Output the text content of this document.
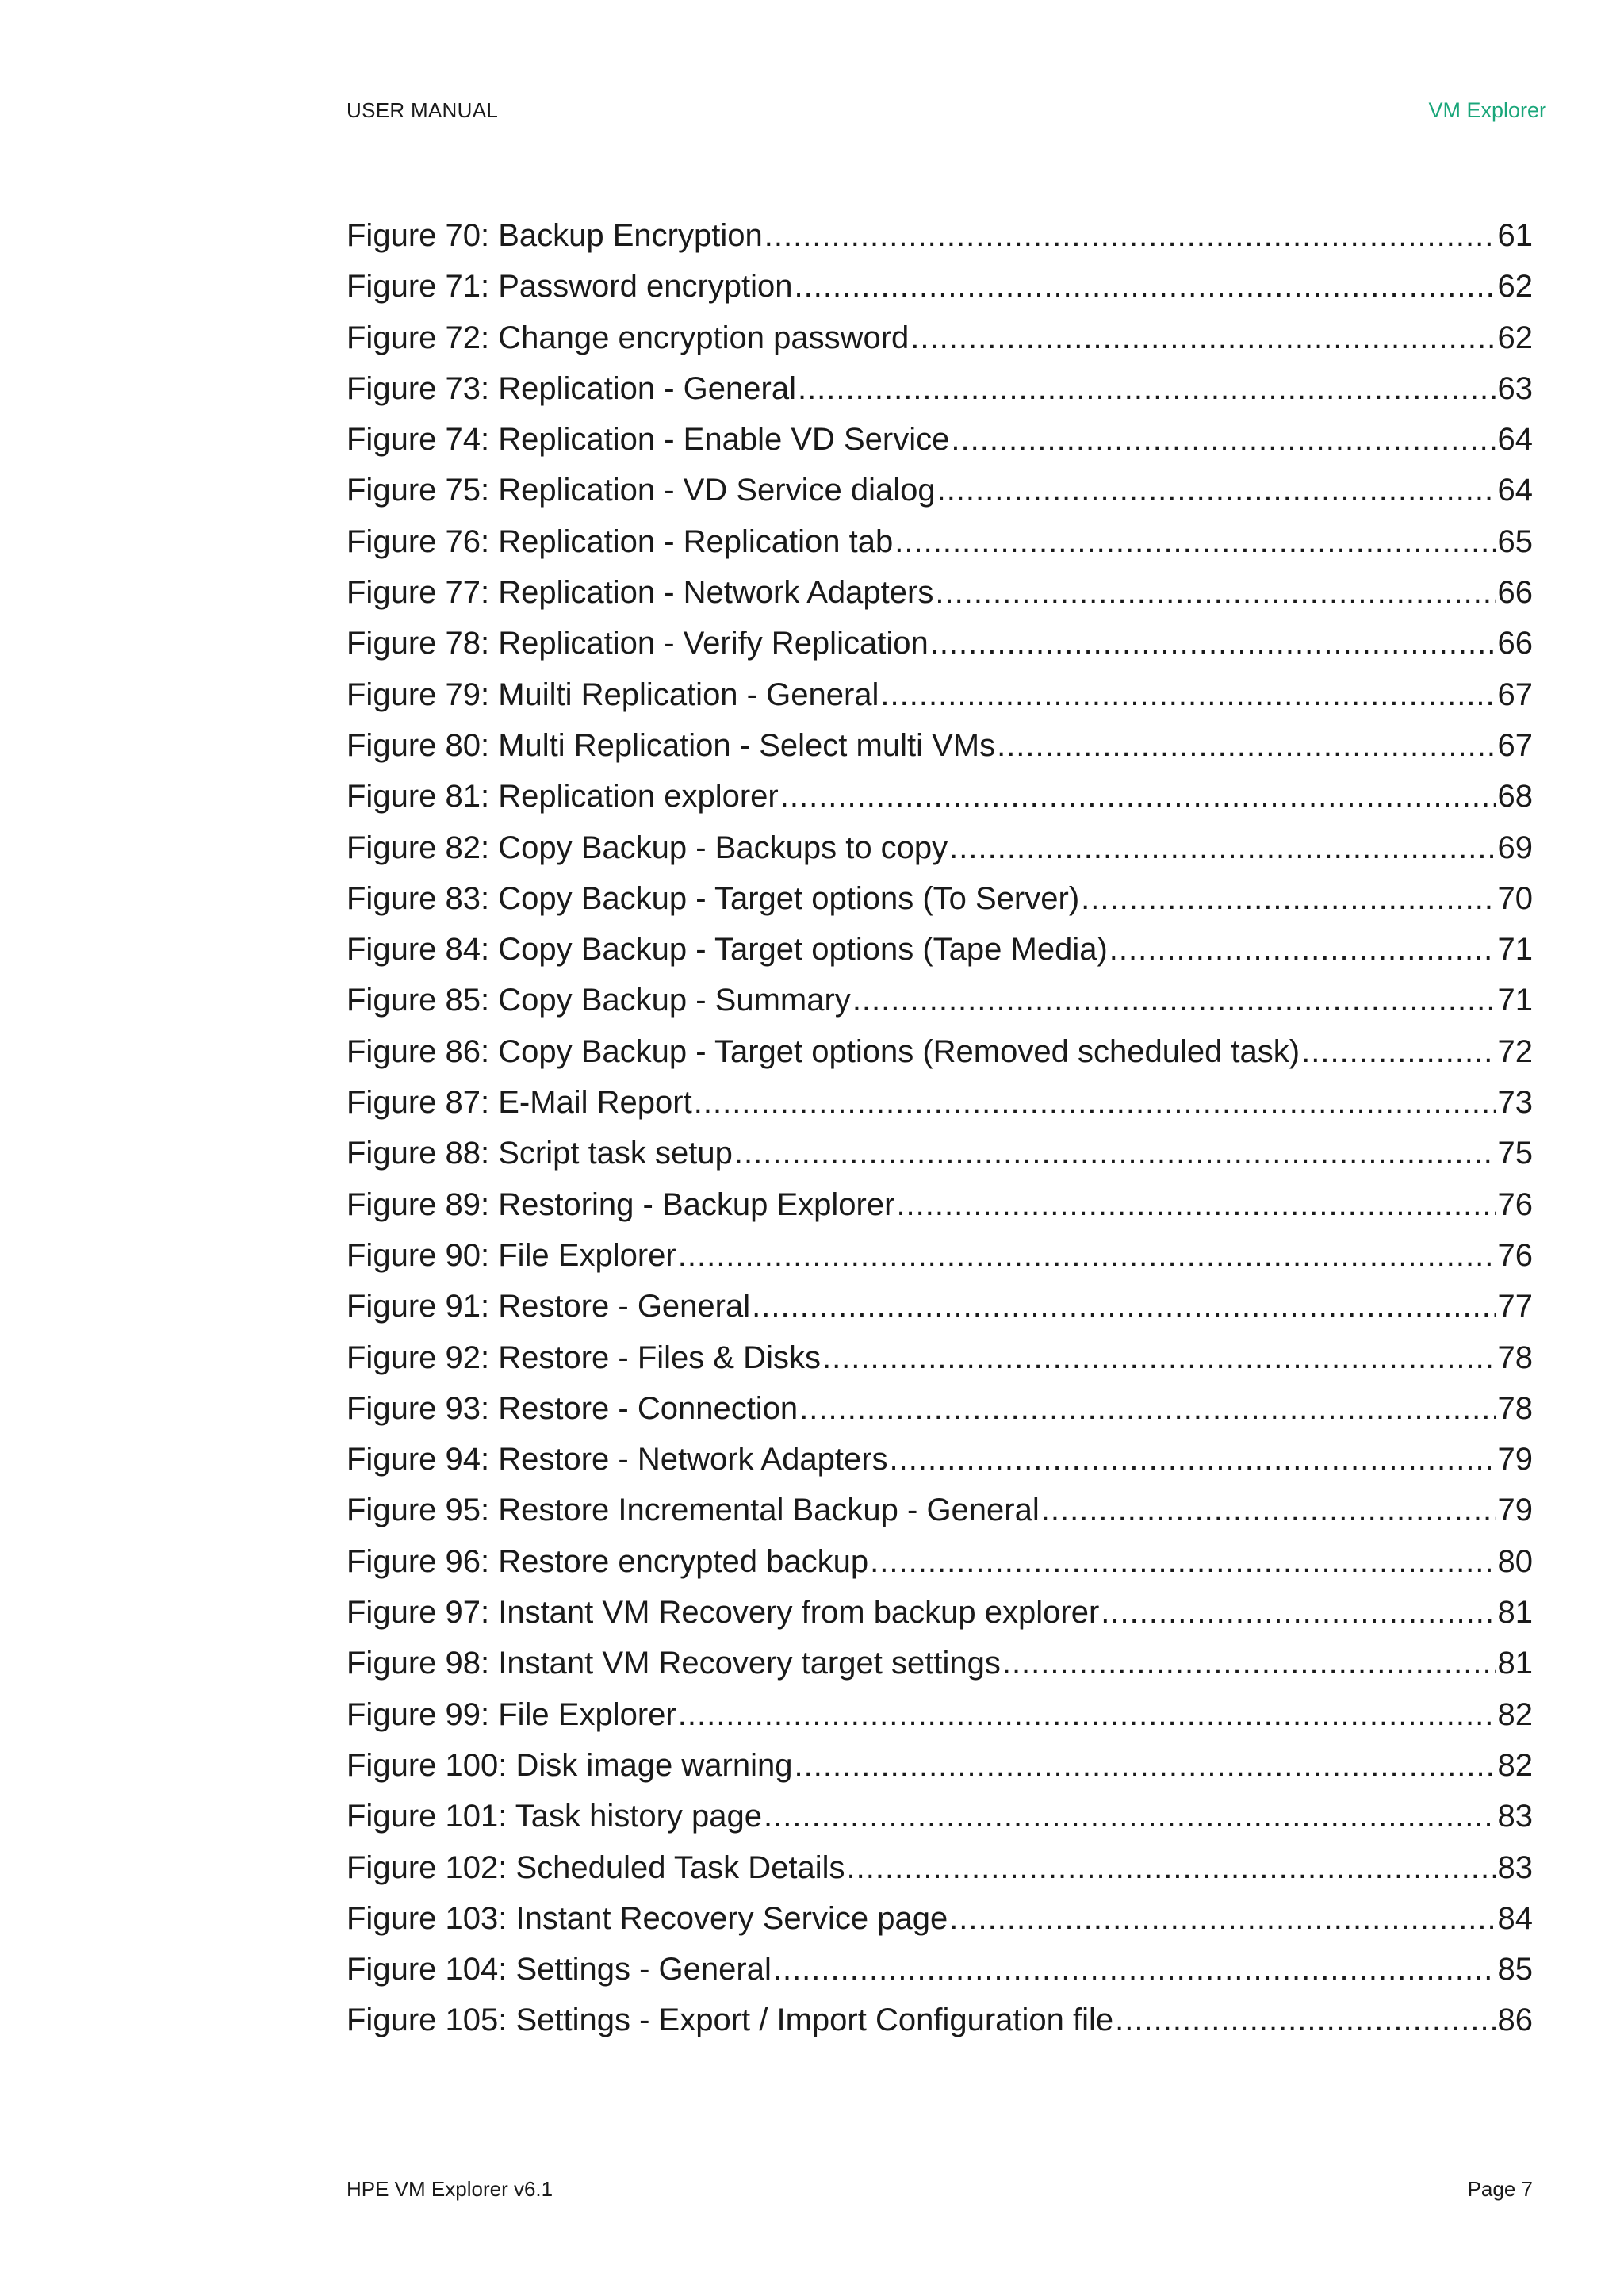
USER MANUAL	VM Explorer
Figure 70: Backup Encryption .....	61
Figure 71: Password encryption .....	62
Figure 72: Change encryption password .....	62
Figure 73: Replication - General .....	63
Figure 74: Replication - Enable VD Service .....	64
Figure 75: Replication - VD Service dialog .....	64
Figure 76: Replication - Replication tab .....	65
Figure 77: Replication - Network Adapters .....	66
Figure 78: Replication - Verify Replication .....	66
Figure 79: Muilti Replication - General .....	67
Figure 80: Multi Replication - Select multi VMs .....	67
Figure 81: Replication explorer .....	68
Figure 82: Copy Backup - Backups to copy .....	69
Figure 83: Copy Backup - Target options (To Server) .....	70
Figure 84: Copy Backup - Target options (Tape Media) .....	71
Figure 85: Copy Backup - Summary .....	71
Figure 86: Copy Backup - Target options (Removed scheduled task) .....	72
Figure 87: E-Mail Report .....	73
Figure 88: Script task setup .....	75
Figure 89: Restoring - Backup Explorer .....	76
Figure 90: File Explorer .....	76
Figure 91: Restore - General .....	77
Figure 92: Restore - Files & Disks .....	78
Figure 93: Restore - Connection .....	78
Figure 94: Restore - Network Adapters .....	79
Figure 95: Restore Incremental Backup - General .....	79
Figure 96: Restore encrypted backup .....	80
Figure 97: Instant VM Recovery from backup explorer .....	81
Figure 98: Instant VM Recovery target settings .....	81
Figure 99: File Explorer .....	82
Figure 100: Disk image warning .....	82
Figure 101: Task history page .....	83
Figure 102: Scheduled Task Details .....	83
Figure 103: Instant Recovery Service page .....	84
Figure 104: Settings - General .....	85
Figure 105: Settings - Export / Import Configuration file .....	86
HPE VM Explorer v6.1	Page 7
